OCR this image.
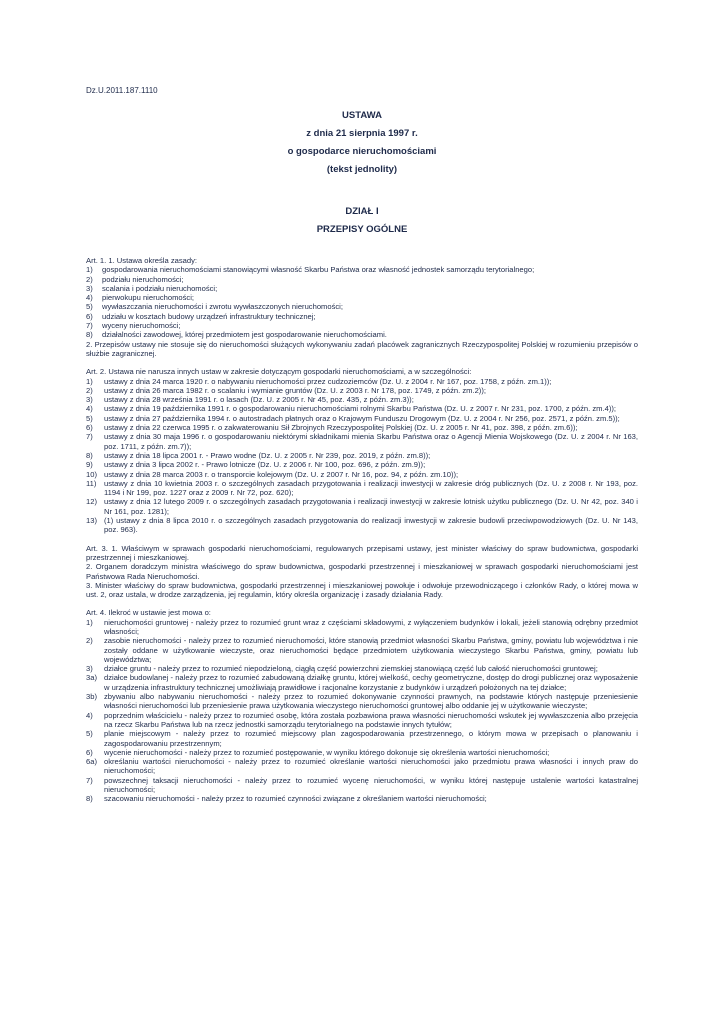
Dz.U.2011.187.1110
USTAWA
z dnia 21 sierpnia 1997 r.
o gospodarce nieruchomościami
(tekst jednolity)
DZIAŁ I
PRZEPISY OGÓLNE

Art. 1. 1. Ustawa określa zasady:

1)	gospodarowania nieruchomościami stanowiącymi własność Skarbu Państwa oraz własność jednostek samorządu terytorialnego;
2)	podziału nieruchomości;
3)	scalania i podziału nieruchomości;
4)	pierwokupu nieruchomości;
5)	wywłaszczania nieruchomości i zwrotu wywłaszczonych nieruchomości;
6)	udziału w kosztach budowy urządzeń infrastruktury technicznej;
7)	wyceny nieruchomości;
8)	działalności zawodowej, której przedmiotem jest gospodarowanie nieruchomościami.

2. Przepisów ustawy nie stosuje się do nieruchomości służących wykonywaniu zadań placówek zagranicznych Rzeczypospolitej Polskiej w rozumieniu przepisów o służbie zagranicznej.

Art. 2. Ustawa nie narusza innych ustaw w zakresie dotyczącym gospodarki nieruchomościami, a w szczególności:

1)	ustawy z dnia 24 marca 1920 r. o nabywaniu nieruchomości przez cudzoziemców (Dz. U. z 2004 r. Nr 167, poz. 1758, z późn. zm.1));
2)	ustawy z dnia 26 marca 1982 r. o scalaniu i wymianie gruntów (Dz. U. z 2003 r. Nr 178, poz. 1749, z późn. zm.2));
3)	ustawy z dnia 28 września 1991 r. o lasach (Dz. U. z 2005 r. Nr 45, poz. 435, z późn. zm.3));
4)	ustawy z dnia 19 października 1991 r. o gospodarowaniu nieruchomościami rolnymi Skarbu Państwa (Dz. U. z 2007 r. Nr 231, poz. 1700, z późn. zm.4));
5)	ustawy z dnia 27 października 1994 r. o autostradach płatnych oraz o Krajowym Funduszu Drogowym (Dz. U. z 2004 r. Nr 256, poz. 2571, z późn. zm.5));
6)	ustawy z dnia 22 czerwca 1995 r. o zakwaterowaniu Sił Zbrojnych Rzeczypospolitej Polskiej (Dz. U. z 2005 r. Nr 41, poz. 398, z późn. zm.6));
7)	ustawy z dnia 30 maja 1996 r. o gospodarowaniu niektórymi składnikami mienia Skarbu Państwa oraz o Agencji Mienia Wojskowego (Dz. U. z 2004 r. Nr 163, poz. 1711, z późn. zm.7));
8)	ustawy z dnia 18 lipca 2001 r. - Prawo wodne (Dz. U. z 2005 r. Nr 239, poz. 2019, z późn. zm.8));
9)	ustawy z dnia 3 lipca 2002 r. - Prawo lotnicze (Dz. U. z 2006 r. Nr 100, poz. 696, z późn. zm.9));
10) ustawy z dnia 28 marca 2003 r. o transporcie kolejowym (Dz. U. z 2007 r. Nr 16, poz. 94, z późn. zm.10));
11) ustawy z dnia 10 kwietnia 2003 r. o szczególnych zasadach przygotowania i realizacji inwestycji w zakresie dróg publicznych (Dz. U. z 2008 r. Nr 193, poz. 1194 i Nr 199, poz. 1227 oraz z 2009 r. Nr 72, poz. 620);
12) ustawy z dnia 12 lutego 2009 r. o szczególnych zasadach przygotowania i realizacji inwestycji w zakresie lotnisk użytku publicznego (Dz. U. Nr 42, poz. 340 i Nr 161, poz. 1281);
13) (1) ustawy z dnia 8 lipca 2010 r. o szczególnych zasadach przygotowania do realizacji inwestycji w zakresie budowli przeciwpowodziowych (Dz. U. Nr 143, poz. 963).

Art. 3. 1. Właściwym w sprawach gospodarki nieruchomościami, regulowanych przepisami ustawy, jest minister właściwy do spraw budownictwa, gospodarki przestrzennej i mieszkaniowej.

2. Organem doradczym ministra właściwego do spraw budownictwa, gospodarki przestrzennej i mieszkaniowej w sprawach gospodarki nieruchomościami jest Państwowa Rada Nieruchomości.

3. Minister właściwy do spraw budownictwa, gospodarki przestrzennej i mieszkaniowej powołuje i odwołuje przewodniczącego i członków Rady, o której mowa w ust. 2, oraz ustala, w drodze zarządzenia, jej regulamin, który określa organizację i zasady działania Rady.

Art. 4. Ilekroć w ustawie jest mowa o:

1)	nieruchomości gruntowej - należy przez to rozumieć grunt wraz z częściami składowymi, z wyłączeniem budynków i lokali, jeżeli stanowią odrębny przedmiot własności;
2)	zasobie nieruchomości - należy przez to rozumieć nieruchomości, które stanowią przedmiot własności Skarbu Państwa, gminy, powiatu lub województwa i nie zostały oddane w użytkowanie wieczyste, oraz nieruchomości będące przedmiotem użytkowania wieczystego Skarbu Państwa, gminy, powiatu lub województwa;
3)	działce gruntu - należy przez to rozumieć niepodzieloną, ciągłą część powierzchni ziemskiej stanowiącą część lub całość nieruchomości gruntowej;
3a) działce budowlanej - należy przez to rozumieć zabudowaną działkę gruntu, której wielkość, cechy geometryczne, dostęp do drogi publicznej oraz wyposażenie w urządzenia infrastruktury technicznej umożliwiają prawidłowe i racjonalne korzystanie z budynków i urządzeń położonych na tej działce;
3b) zbywaniu albo nabywaniu nieruchomości - należy przez to rozumieć dokonywanie czynności prawnych, na podstawie których następuje przeniesienie własności nieruchomości lub przeniesienie prawa użytkowania wieczystego nieruchomości gruntowej albo oddanie jej w użytkowanie wieczyste;
4)	poprzednim właścicielu - należy przez to rozumieć osobę, która została pozbawiona prawa własności nieruchomości wskutek jej wywłaszczenia albo przejęcia na rzecz Skarbu Państwa lub na rzecz jednostki samorządu terytorialnego na podstawie innych tytułów;
5)	planie miejscowym - należy przez to rozumieć miejscowy plan zagospodarowania przestrzennego, o którym mowa w przepisach o planowaniu i zagospodarowaniu przestrzennym;
6)	wycenie nieruchomości - należy przez to rozumieć postępowanie, w wyniku którego dokonuje się określenia wartości nieruchomości;
6a) określaniu wartości nieruchomości - należy przez to rozumieć określanie wartości nieruchomości jako przedmiotu prawa własności i innych praw do nieruchomości;
7)	powszechnej taksacji nieruchomości - należy przez to rozumieć wycenę nieruchomości, w wyniku której następuje ustalenie wartości katastralnej nieruchomości;
8)	szacowaniu nieruchomości - należy przez to rozumieć czynności związane z określaniem wartości nieruchomości;
